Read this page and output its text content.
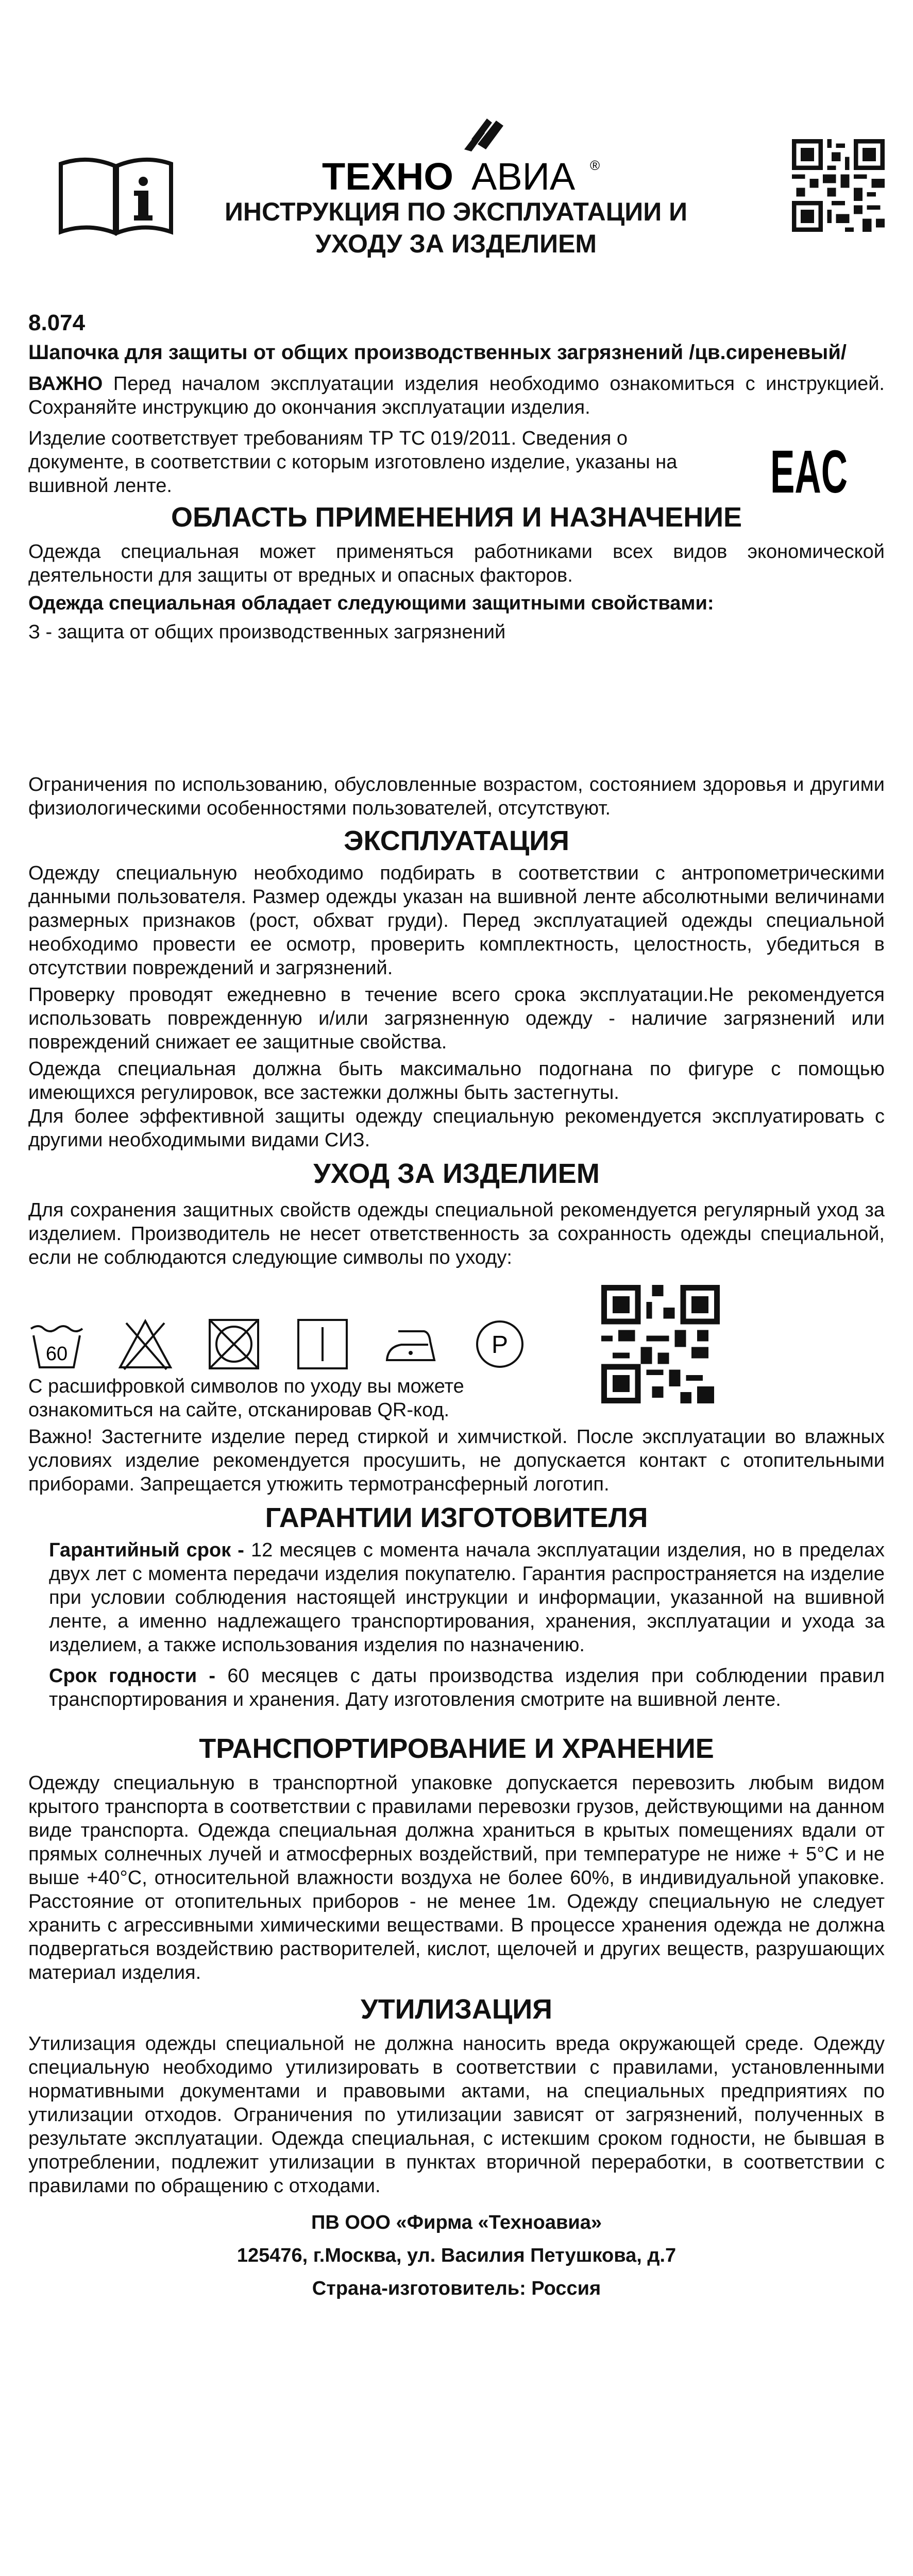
ТЕХНО АВИА ®
ИНСТРУКЦИЯ ПО ЭКСПЛУАТАЦИИ И УХОДУ ЗА ИЗДЕЛИЕМ

8.074

Шапочка для защиты от общих производственных загрязнений /цв.сиреневый/

ВАЖНО Перед началом эксплуатации изделия необходимо ознакомиться с инструкцией. Сохраняйте инструкцию до окончания эксплуатации изделия.

Изделие соответствует требованиям ТР ТС 019/2011. Сведения о документе, в соответствии с которым изготовлено изделие, указаны на вшивной ленте.	EAC

ОБЛАСТЬ ПРИМЕНЕНИЯ И НАЗНАЧЕНИЕ

Одежда специальная может применяться работниками всех видов экономической деятельности для защиты от вредных и опасных факторов.

Одежда специальная обладает следующими защитными свойствами:

З - защита от общих производственных загрязнений

Ограничения по использованию, обусловленные возрастом, состоянием здоровья и другими физиологическими особенностями пользователей, отсутствуют.

ЭКСПЛУАТАЦИЯ

Одежду специальную необходимо подбирать в соответствии с антропометрическими данными пользователя. Размер одежды указан на вшивной ленте абсолютными величинами размерных признаков (рост, обхват груди). Перед эксплуатацией одежды специальной необходимо провести ее осмотр, проверить комплектность, целостность, убедиться в отсутствии повреждений и загрязнений.

Проверку проводят ежедневно в течение всего срока эксплуатации.Не рекомендуется использовать поврежденную и/или загрязненную одежду - наличие загрязнений или повреждений снижает ее защитные свойства.

Одежда специальная должна быть максимально подогнана по фигуре с помощью имеющихся регулировок, все застежки должны быть застегнуты.

Для более эффективной защиты одежду специальную рекомендуется эксплуатировать с другими необходимыми видами СИЗ.

УХОД ЗА ИЗДЕЛИЕМ

Для сохранения защитных свойств одежды специальной рекомендуется регулярный уход за изделием. Производитель не несет ответственность за сохранность одежды специальной, если не соблюдаются следующие символы по уходу:

60	P

С расшифровкой символов по уходу вы можете ознакомиться на сайте, отсканировав QR-код.

Важно! Застегните изделие перед стиркой и химчисткой. После эксплуатации во влажных условиях изделие рекомендуется просушить, не допускается контакт с отопительными приборами. Запрещается утюжить термотрансферный логотип.

ГАРАНТИИ ИЗГОТОВИТЕЛЯ

Гарантийный срок - 12 месяцев с момента начала эксплуатации изделия, но в пределах двух лет с момента передачи изделия покупателю. Гарантия распространяется на изделие при условии соблюдения настоящей инструкции и информации, указанной на вшивной ленте, а именно надлежащего транспортирования, хранения, эксплуатации и ухода за изделием, а также использования изделия по назначению.

Срок годности - 60 месяцев с даты производства изделия при соблюдении правил транспортирования и хранения. Дату изготовления смотрите на вшивной ленте.

ТРАНСПОРТИРОВАНИЕ И ХРАНЕНИЕ

Одежду специальную в транспортной упаковке допускается перевозить любым видом крытого транспорта в соответствии с правилами перевозки грузов, действующими на данном виде транспорта. Одежда специальная должна храниться в крытых помещениях вдали от прямых солнечных лучей и атмосферных воздействий, при температуре не ниже + 5°С и не выше +40°С, относительной влажности воздуха не более 60%, в индивидуальной упаковке. Расстояние от отопительных приборов - не менее 1м. Одежду специальную не следует хранить с агрессивными химическими веществами. В процессе хранения одежда не должна подвергаться воздействию растворителей, кислот, щелочей и других веществ, разрушающих материал изделия.

УТИЛИЗАЦИЯ

Утилизация одежды специальной не должна наносить вреда окружающей среде. Одежду специальную необходимо утилизировать в соответствии с правилами, установленными нормативными документами и правовыми актами, на специальных предприятиях по утилизации отходов. Ограничения по утилизации зависят от загрязнений, полученных в результате эксплуатации. Одежда специальная, с истекшим сроком годности, не бывшая в употреблении, подлежит утилизации в пунктах вторичной переработки, в соответствии с правилами по обращению с отходами.

ПВ ООО «Фирма «Техноавиа»

125476, г.Москва, ул. Василия Петушкова, д.7

Страна-изготовитель: Россия
